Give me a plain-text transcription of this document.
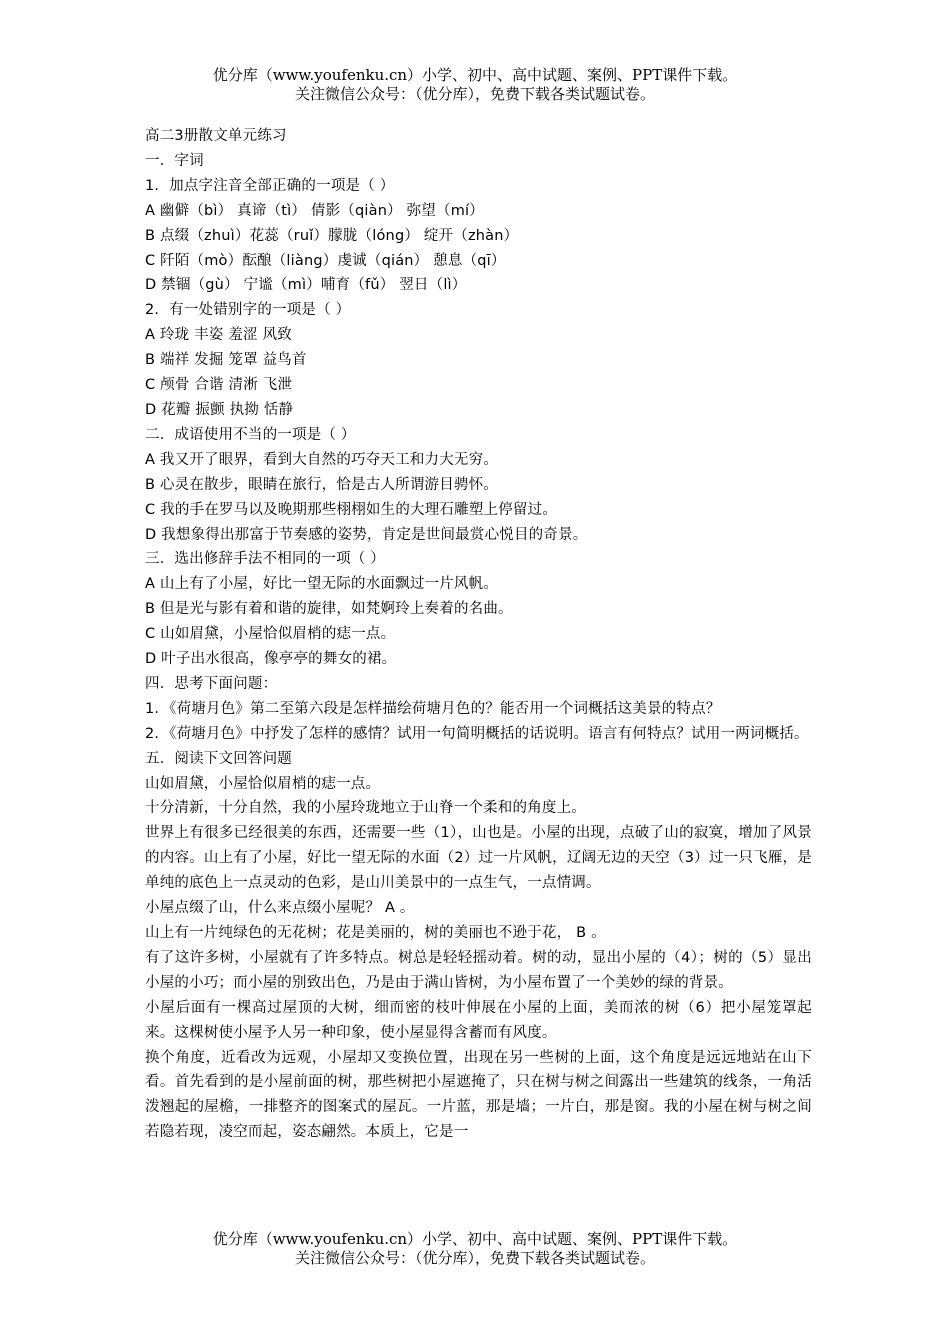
优分库（www.youfenku.cn）小学、初中、高中试题、案例、PPT课件下载。
关注微信公众号：（优分库），免费下载各类试题试卷。
高二3册散文单元练习
一．字词
1．加点字注音全部正确的一项是（ ）
A 幽僻（bì） 真谛（tì） 倩影（qiàn） 弥望（mí）
B 点缀（zhuì）花蕊（ruǐ）朦胧（lóng） 绽开（zhàn）
C 阡陌（mò）酝酿（liàng）虔诚（qián） 憩息（qī）
D 禁锢（gù） 宁谧（mì）哺育（fǔ） 翌日（lì）
2．有一处错别字的一项是（ ）
A 玲珑 丰姿 羞涩 风致
B 端祥 发掘 笼罩 益鸟首
C 颅骨 合谐 清淅 飞泄
D 花瓣 振颤 执拗 恬静
二．成语使用不当的一项是（ ）
A 我又开了眼界，看到大自然的巧夺天工和力大无穷。
B 心灵在散步，眼睛在旅行，恰是古人所谓游目骋怀。
C 我的手在罗马以及晚期那些栩栩如生的大理石雕塑上停留过。
D 我想象得出那富于节奏感的姿势，肯定是世间最赏心悦目的奇景。
三．选出修辞手法不相同的一项（ ）
A 山上有了小屋，好比一望无际的水面飘过一片风帆。
B 但是光与影有着和谐的旋律，如梵婀玲上奏着的名曲。
C 山如眉黛，小屋恰似眉梢的痣一点。
D 叶子出水很高，像亭亭的舞女的裙。
四．思考下面问题：
1．《荷塘月色》第二至第六段是怎样描绘荷塘月色的？能否用一个词概括这美景的特点？
2．《荷塘月色》中抒发了怎样的感情？试用一句简明概括的话说明。语言有何特点？试用一两词概括。
五．阅读下文回答问题
山如眉黛，小屋恰似眉梢的痣一点。
十分清新，十分自然，我的小屋玲珑地立于山脊一个柔和的角度上。
世界上有很多已经很美的东西，还需要一些（1），山也是。小屋的出现，点破了山的寂寞，增加了风景的内容。山上有了小屋，好比一望无际的水面（2）过一片风帆，辽阔无边的天空（3）过一只飞雁，是单纯的底色上一点灵动的色彩，是山川美景中的一点生气，一点情调。
小屋点缀了山，什么来点缀小屋呢？ A 。
山上有一片纯绿色的无花树；花是美丽的，树的美丽也不逊于花， B 。
有了这许多树，小屋就有了许多特点。树总是轻轻摇动着。树的动，显出小屋的（4）；树的（5）显出小屋的小巧；而小屋的别致出色，乃是由于满山皆树，为小屋布置了一个美妙的绿的背景。
小屋后面有一棵高过屋顶的大树，细而密的枝叶伸展在小屋的上面，美而浓的树（6）把小屋笼罩起来。这棵树使小屋予人另一种印象，使小屋显得含蓄而有风度。
换个角度，近看改为远观，小屋却又变换位置，出现在另一些树的上面，这个角度是远远地站在山下看。首先看到的是小屋前面的树，那些树把小屋遮掩了，只在树与树之间露出一些建筑的线条，一角活泼翘起的屋檐，一排整齐的图案式的屋瓦。一片蓝，那是墙；一片白，那是窗。我的小屋在树与树之间若隐若现，凌空而起，姿态翩然。本质上，它是一
优分库（www.youfenku.cn）小学、初中、高中试题、案例、PPT课件下载。
关注微信公众号：（优分库），免费下载各类试题试卷。
